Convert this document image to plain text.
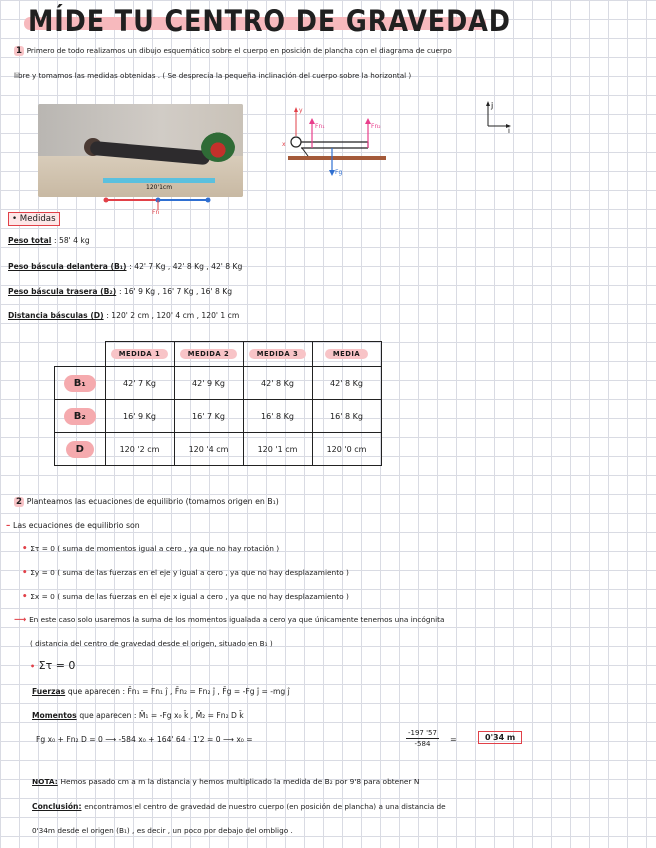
MÍDE TU CENTRO DE GRAVEDAD
1 Primero de todo realizamos un dibujo esquemático sobre el cuerpo en posición de plancha con el diagrama de cuerpo
libre y tomamos las medidas obtenidas . ( Se desprecia la pequeña inclinación del cuerpo sobre la horizontal )
120'1cm
Fn
Fn₁	Fn₂
Fg
y
x
j
i
• Medidas
Peso total : 58' 4 kg
Peso báscula delantera (B₁) : 42' 7 Kg , 42' 8 Kg , 42' 8 Kg
Peso báscula trasera (B₂) : 16' 9 Kg , 16' 7 Kg , 16' 8 Kg
Distancia básculas (D) : 120' 2 cm , 120' 4 cm , 120' 1 cm
	MEDIDA 1	MEDIDA 2	MEDIDA 3	MEDIA
B₁	42' 7 Kg	42' 9 Kg	42' 8 Kg	42' 8 Kg
B₂	16' 9 Kg	16' 7 Kg	16' 8 Kg	16' 8 Kg
D	120 '2 cm	120 '4 cm	120 '1 cm	120 '0 cm
2 Planteamos las ecuaciones de equilibrio (tomamos origen en B₁)
– Las ecuaciones de equilibrio son
• Στ = 0 ( suma de momentos igual a cero , ya que no hay rotación )
• Σy = 0 ( suma de las fuerzas en el eje y igual a cero , ya que no hay desplazamiento )
• Σx = 0 ( suma de las fuerzas en el eje x igual a cero , ya que no hay desplazamiento )
⟶ En este caso solo usaremos la suma de los momentos igualada a cero ya que únicamente tenemos una incógnita
( distancia del centro de gravedad desde el origen, situado en B₁ )
• Στ = 0
Fuerzas que aparecen : F̄n₁ = Fn₁ ĵ , F̄n₂ = Fn₂ ĵ , F̄g = -Fg ĵ = -mg ĵ
Momentos que aparecen : M̄₁ = -Fg x₀ k̄ , M̄₂ = Fn₂ D k̄
Fg x₀ + Fn₂ D = 0 ⟶ -584 x₀ + 164' 64 · 1'2 = 0 ⟶ x₀ =
-197 '57
-584	=	0'34 m
NOTA: Hemos pasado cm a m la distancia y hemos multiplicado la medida de B₂ por 9'8 para obtener N
Conclusión: encontramos el centro de gravedad de nuestro cuerpo (en posición de plancha) a una distancia de
0'34m desde el origen (B₁) , es decir , un poco por debajo del ombligo .
